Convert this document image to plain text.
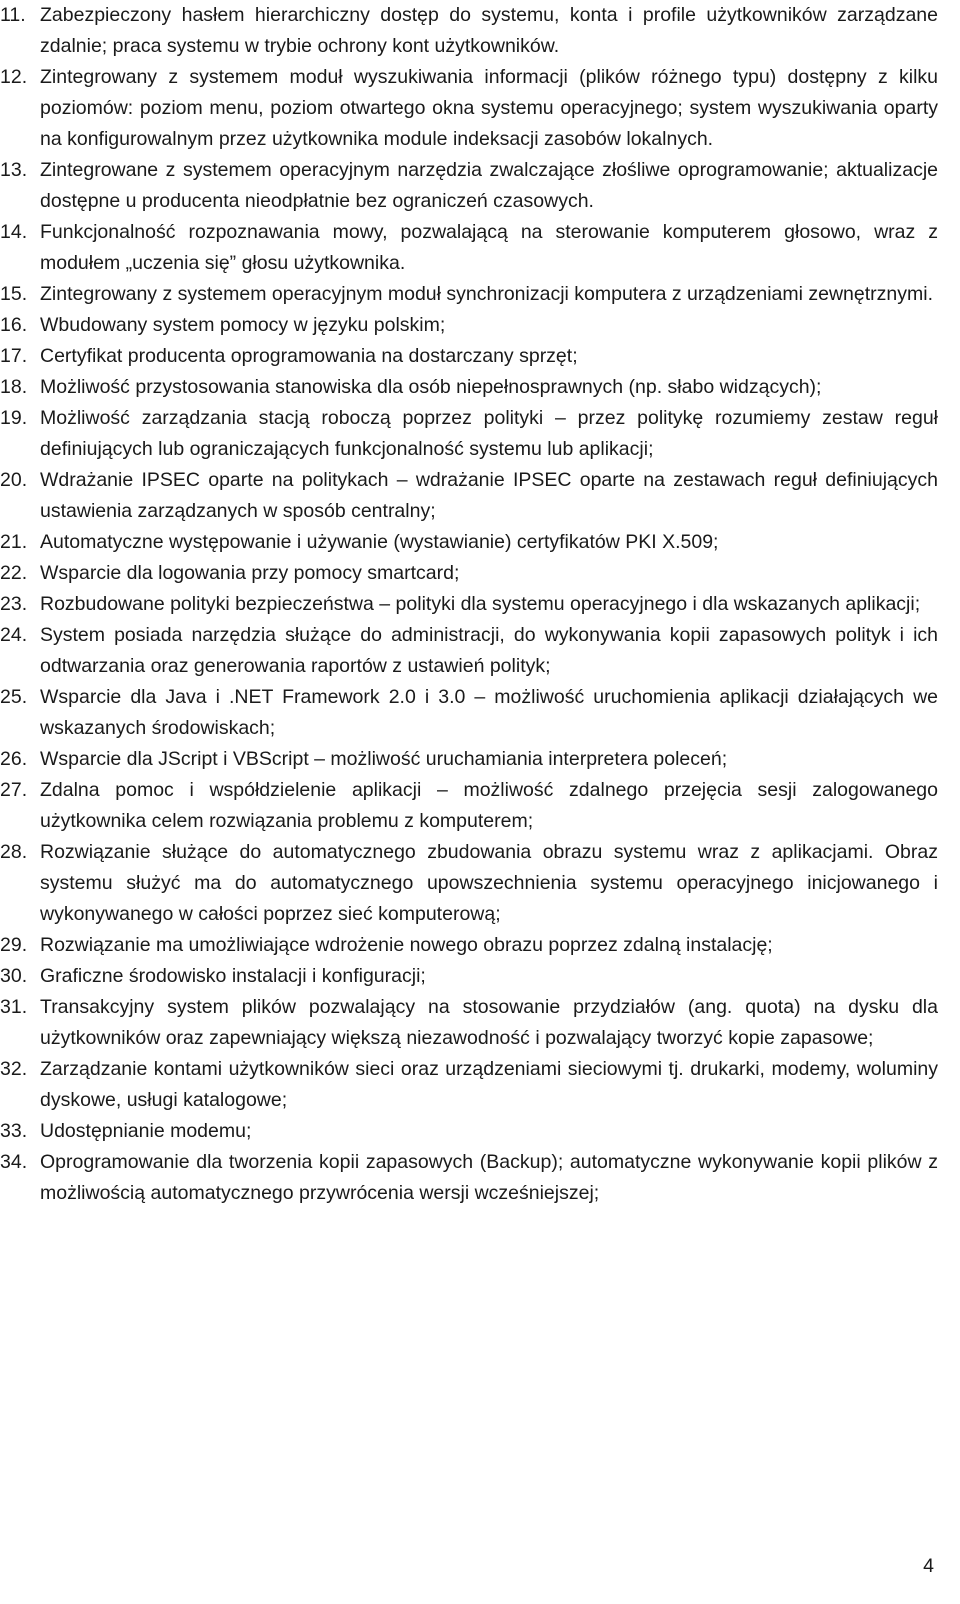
11. Zabezpieczony hasłem hierarchiczny dostęp do systemu, konta i profile użytkowników zarządzane zdalnie; praca systemu w trybie ochrony kont użytkowników.
12. Zintegrowany z systemem moduł wyszukiwania informacji (plików różnego typu) dostępny z kilku poziomów: poziom menu, poziom otwartego okna systemu operacyjnego; system wyszukiwania oparty na konfigurowalnym przez użytkownika module indeksacji zasobów lokalnych.
13. Zintegrowane z systemem operacyjnym narzędzia zwalczające złośliwe oprogramowanie; aktualizacje dostępne u producenta nieodpłatnie bez ograniczeń czasowych.
14. Funkcjonalność rozpoznawania mowy, pozwalającą na sterowanie komputerem głosowo, wraz z modułem „uczenia się” głosu użytkownika.
15. Zintegrowany z systemem operacyjnym moduł synchronizacji komputera z urządzeniami zewnętrznymi.
16. Wbudowany system pomocy w języku polskim;
17. Certyfikat producenta oprogramowania na dostarczany sprzęt;
18. Możliwość przystosowania stanowiska dla osób niepełnosprawnych (np. słabo widzących);
19. Możliwość zarządzania stacją roboczą poprzez polityki – przez politykę rozumiemy zestaw reguł definiujących lub ograniczających funkcjonalność systemu lub aplikacji;
20. Wdrażanie IPSEC oparte na politykach – wdrażanie IPSEC oparte na zestawach reguł definiujących ustawienia zarządzanych w sposób centralny;
21. Automatyczne występowanie i używanie (wystawianie) certyfikatów PKI X.509;
22. Wsparcie dla logowania przy pomocy smartcard;
23. Rozbudowane polityki bezpieczeństwa – polityki dla systemu operacyjnego i dla wskazanych aplikacji;
24. System posiada narzędzia służące do administracji, do wykonywania kopii zapasowych polityk i ich odtwarzania oraz generowania raportów z ustawień polityk;
25. Wsparcie dla Java i .NET Framework 2.0 i 3.0 – możliwość uruchomienia aplikacji działających we wskazanych środowiskach;
26. Wsparcie dla JScript i VBScript – możliwość uruchamiania interpretera poleceń;
27. Zdalna pomoc i współdzielenie aplikacji – możliwość zdalnego przejęcia sesji zalogowanego użytkownika celem rozwiązania problemu z komputerem;
28. Rozwiązanie służące do automatycznego zbudowania obrazu systemu wraz z aplikacjami. Obraz systemu służyć ma do automatycznego upowszechnienia systemu operacyjnego inicjowanego i wykonywanego w całości poprzez sieć komputerową;
29. Rozwiązanie ma umożliwiające wdrożenie nowego obrazu poprzez zdalną instalację;
30. Graficzne środowisko instalacji i konfiguracji;
31. Transakcyjny system plików pozwalający na stosowanie przydziałów (ang. quota) na dysku dla użytkowników oraz zapewniający większą niezawodność i pozwalający tworzyć kopie zapasowe;
32. Zarządzanie kontami użytkowników sieci oraz urządzeniami sieciowymi tj. drukarki, modemy, woluminy dyskowe, usługi katalogowe;
33. Udostępnianie modemu;
34. Oprogramowanie dla tworzenia kopii zapasowych (Backup); automatyczne wykonywanie kopii plików z możliwością automatycznego przywrócenia wersji wcześniejszej;
4
